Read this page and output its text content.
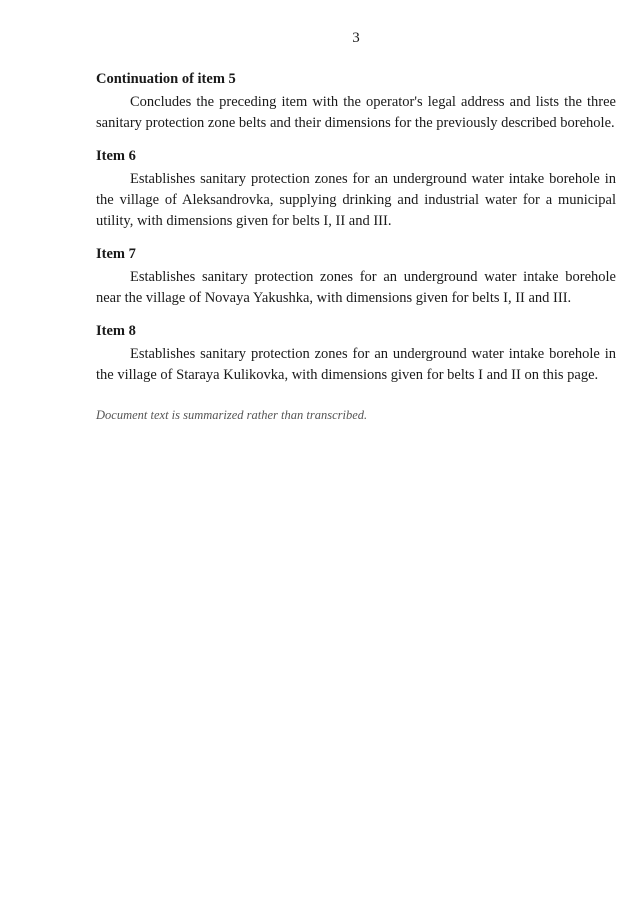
3
Continuation of item 5
Concludes the preceding item with the operator's legal address and lists the three sanitary protection zone belts and their dimensions for the previously described borehole.
Item 6
Establishes sanitary protection zones for an underground water intake borehole in the village of Aleksandrovka, supplying drinking and industrial water for a municipal utility, with dimensions given for belts I, II and III.
Item 7
Establishes sanitary protection zones for an underground water intake borehole near the village of Novaya Yakushka, with dimensions given for belts I, II and III.
Item 8
Establishes sanitary protection zones for an underground water intake borehole in the village of Staraya Kulikovka, with dimensions given for belts I and II on this page.
Document text is summarized rather than transcribed.
